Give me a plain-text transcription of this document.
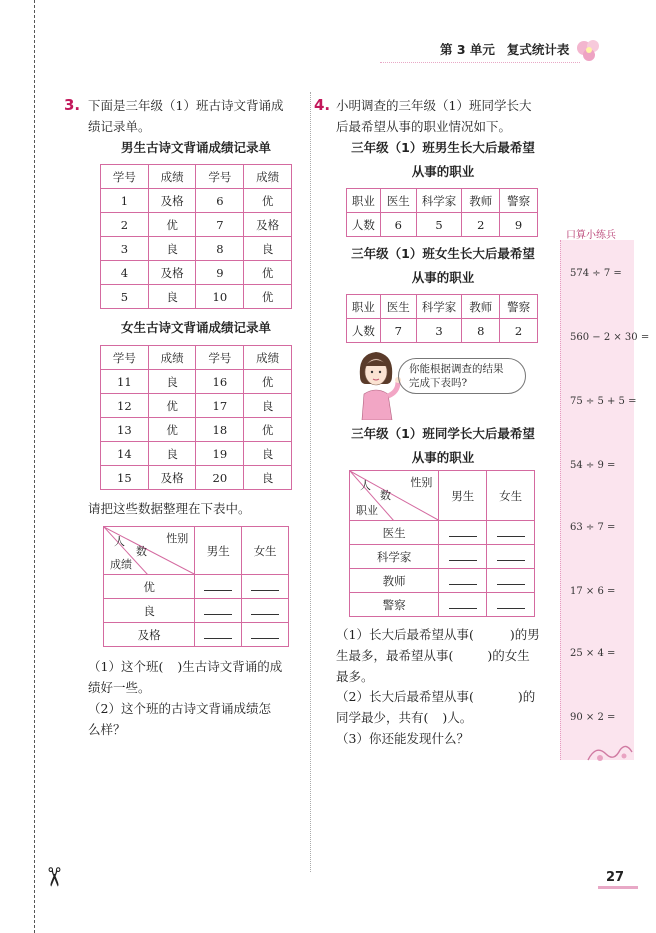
✂
第 3 单元 复式统计表
3. 下面是三年级（1）班古诗文背诵成
绩记录单。
男生古诗文背诵成绩记录单
学号	成绩	学号	成绩
1	及格	6	优
2	优	7	及格
3	良	8	良
4	及格	9	优
5	良	10	优
女生古诗文背诵成绩记录单
学号	成绩	学号	成绩
11	良	16	优
12	优	17	良
13	优	18	优
14	良	19	良
15	及格	20	良
请把这些数据整理在下表中。
性别
人
数
成绩	男生	女生
优		
良		
及格		
（1）这个班( )生古诗文背诵的成
绩好一些。
（2）这个班的古诗文背诵成绩怎
么样？
4. 小明调查的三年级（1）班同学长大
后最希望从事的职业情况如下。
三年级（1）班男生长大后最希望
从事的职业
职业	医生	科学家	教师	警察
人数	6	5	2	9
三年级（1）班女生长大后最希望
从事的职业
职业	医生	科学家	教师	警察
人数	7	3	8	2
你能根据调查的结果
完成下表吗?
三年级（1）班同学长大后最希望
从事的职业
性别
人
数
职业	男生	女生
医生		
科学家		
教师		
警察		
（1）长大后最希望从事(	)的男
生最多，最希望从事(	)的女生
最多。
（2）长大后最希望从事(	)的
同学最少，共有( )人。
（3）你还能发现什么？
口算小练兵
574 ÷ 7 =
560 − 2 × 30 =
75 ÷ 5 + 5 =
54 ÷ 9 =
63 ÷ 7 =
17 × 6 =
25 × 4 =
90 × 2 =
27
